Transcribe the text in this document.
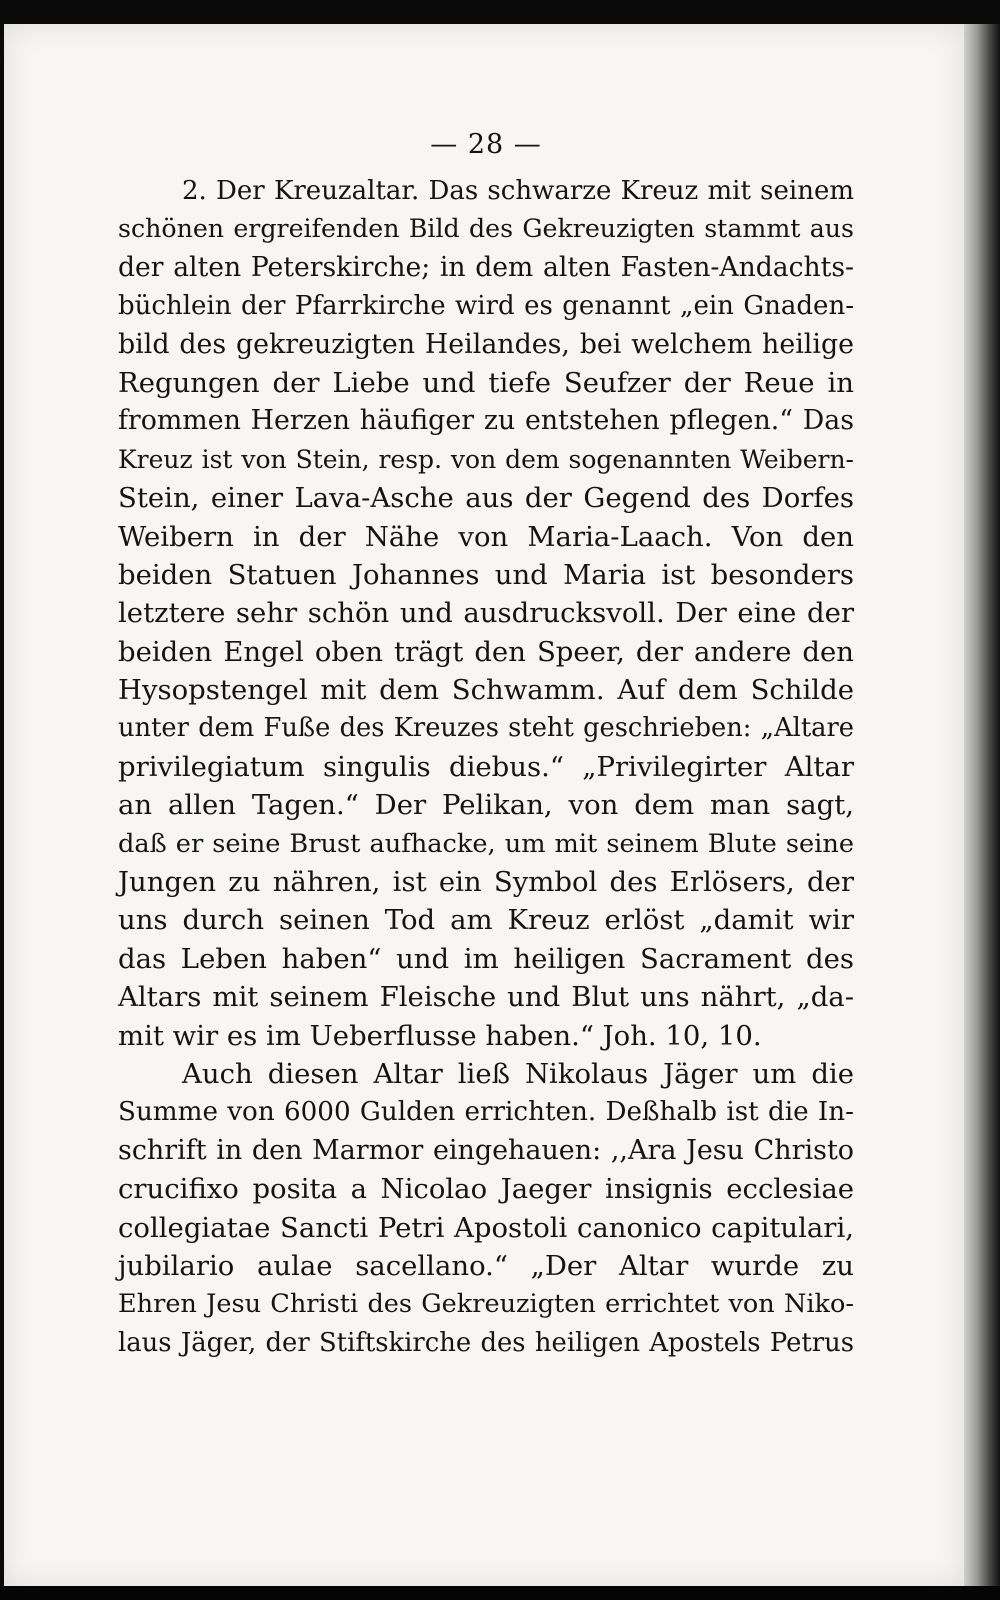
— 28 —
2. Der Kreuzaltar. Das schwarze Kreuz mit seinem
schönen ergreifenden Bild des Gekreuzigten stammt aus
der alten Peterskirche; in dem alten Fasten-Andachts-
büchlein der Pfarrkirche wird es genannt „ein Gnaden-
bild des gekreuzigten Heilandes, bei welchem heilige
Regungen der Liebe und tiefe Seufzer der Reue in
frommen Herzen häufiger zu entstehen pflegen.“ Das
Kreuz ist von Stein, resp. von dem sogenannten Weibern-
Stein, einer Lava-Asche aus der Gegend des Dorfes
Weibern in der Nähe von Maria-Laach. Von den
beiden Statuen Johannes und Maria ist besonders
letztere sehr schön und ausdrucksvoll. Der eine der
beiden Engel oben trägt den Speer, der andere den
Hysopstengel mit dem Schwamm. Auf dem Schilde
unter dem Fuße des Kreuzes steht geschrieben: „Altare
privilegiatum singulis diebus.“ „Privilegirter Altar
an allen Tagen.“ Der Pelikan, von dem man sagt,
daß er seine Brust aufhacke, um mit seinem Blute seine
Jungen zu nähren, ist ein Symbol des Erlösers, der
uns durch seinen Tod am Kreuz erlöst „damit wir
das Leben haben“ und im heiligen Sacrament des
Altars mit seinem Fleische und Blut uns nährt, „da-
mit wir es im Ueberflusse haben.“ Joh. 10, 10.
Auch diesen Altar ließ Nikolaus Jäger um die
Summe von 6000 Gulden errichten. Deßhalb ist die In-
schrift in den Marmor eingehauen: ,,Ara Jesu Christo
crucifixo posita a Nicolao Jaeger insignis ecclesiae
collegiatae Sancti Petri Apostoli canonico capitulari,
jubilario aulae sacellano.“ „Der Altar wurde zu
Ehren Jesu Christi des Gekreuzigten errichtet von Niko-
laus Jäger, der Stiftskirche des heiligen Apostels Petrus
